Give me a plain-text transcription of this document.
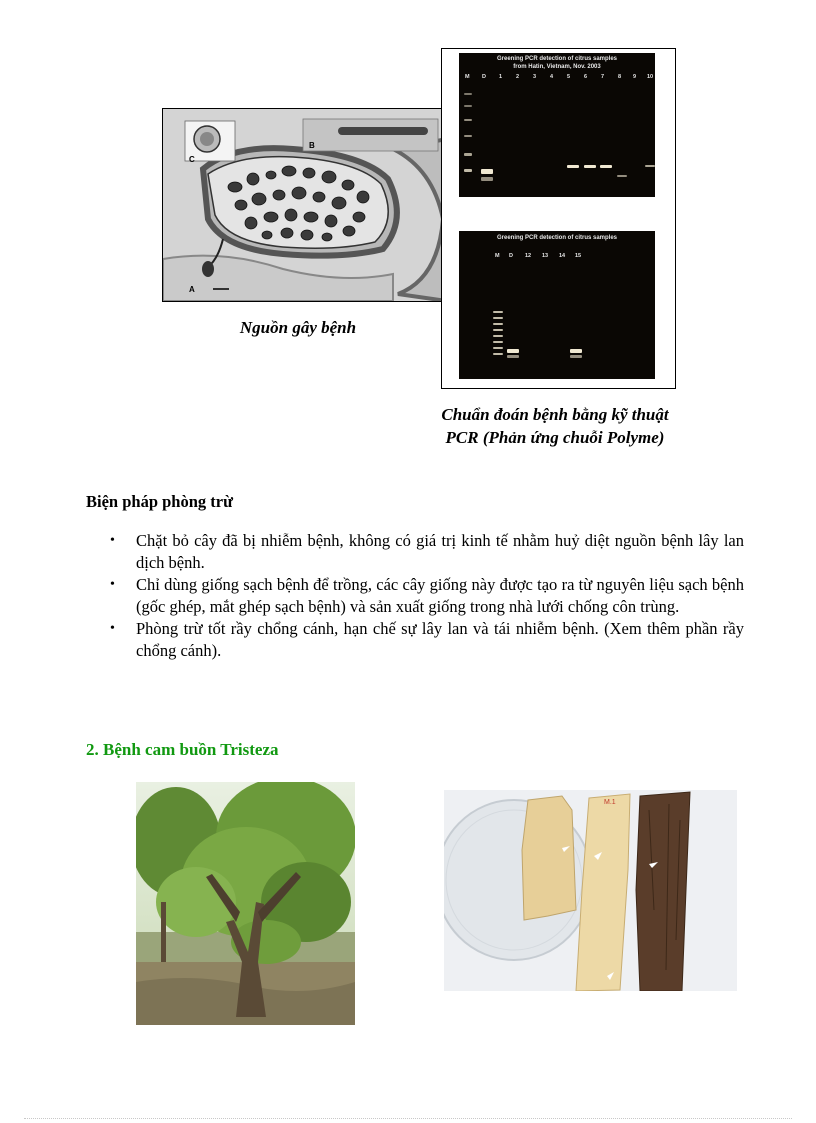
C
B
A
Nguồn gây bệnh
Greening PCR detection of citrus samples
from Hatin, Vietnam, Nov. 2003
M D 1	2	3	4	5	6	7	8 9 10
Greening PCR detection of citrus samples
M D 12 13 14 15
Chuẩn đoán bệnh bằng kỹ thuật
PCR (Phản ứng chuỗi Polyme)
Biện pháp phòng trừ
• Chặt bỏ cây đã bị nhiễm bệnh, không có giá trị kinh tế nhằm huỷ diệt nguồn bệnh lây lan dịch bệnh.
• Chỉ dùng giống sạch bệnh để trồng, các cây giống này được tạo ra từ nguyên liệu sạch bệnh (gốc ghép, mắt ghép sạch bệnh) và sản xuất giống trong nhà lưới chống côn trùng.
• Phòng trừ tốt rầy chổng cánh, hạn chế sự lây lan và tái nhiễm bệnh. (Xem thêm phần rầy chổng cánh).
2. Bệnh cam buồn Tristeza
M.1
